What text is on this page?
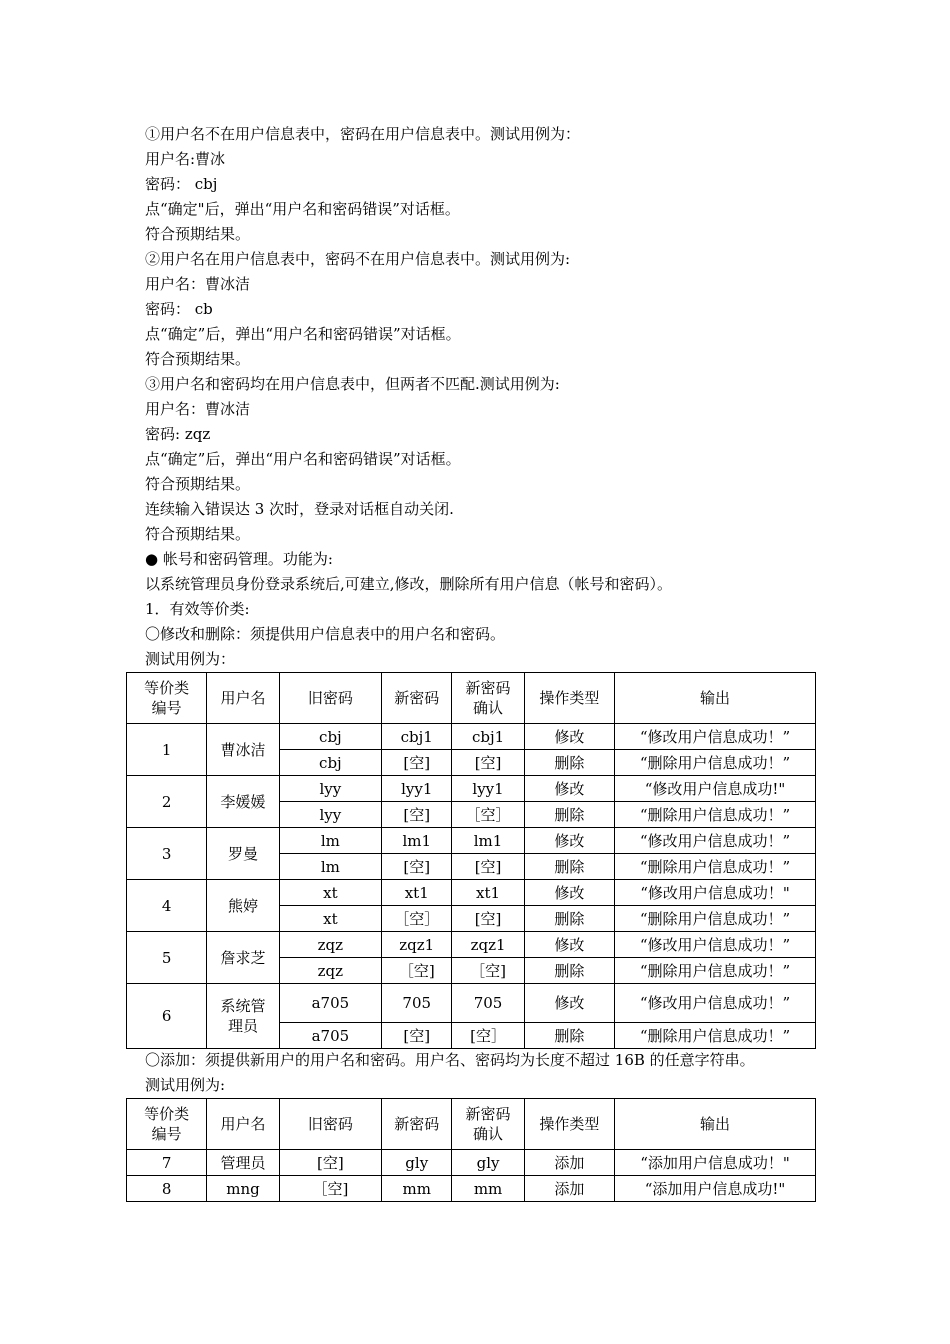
①用户名不在用户信息表中，密码在用户信息表中。测试用例为：
用户名:曹冰
密码： cbj
点“确定"后，弹出“用户名和密码错误”对话框。
符合预期结果。
②用户名在用户信息表中，密码不在用户信息表中。测试用例为:
用户名：曹冰洁
密码： cb
点“确定”后，弹出“用户名和密码错误”对话框。
符合预期结果。
③用户名和密码均在用户信息表中，但两者不匹配.测试用例为:
用户名：曹冰洁
密码: zqz
点“确定”后，弹出“用户名和密码错误”对话框。
符合预期结果。
连续输入错误达 3 次时，登录对话框自动关闭.
符合预期结果。
● 帐号和密码管理。功能为:
以系统管理员身份登录系统后,可建立,修改，删除所有用户信息（帐号和密码）。
1．有效等价类:
〇修改和删除：须提供用户信息表中的用户名和密码。
测试用例为：
等价类编号	用户名	旧密码	新密码	新密码确认	操作类型	输出
1	曹冰洁	cbj	cbj1	cbj1	修改	“修改用户信息成功！”
		cbj	[空]	[空]	删除	“删除用户信息成功！”
2	李媛媛	lyy	lyy1	lyy1	修改	“修改用户信息成功!"
		lyy	[空]	［空］	删除	“删除用户信息成功！”
3	罗曼	lm	lm1	lm1	修改	“修改用户信息成功！”
		lm	[空]	[空]	删除	“删除用户信息成功！”
4	熊婷	xt	xt1	xt1	修改	“修改用户信息成功！"
		xt	［空］	[空]	删除	“删除用户信息成功！”
5	詹求芝	zqz	zqz1	zqz1	修改	“修改用户信息成功！”
		zqz	［空]	［空]	删除	“删除用户信息成功！”
6	系统管理员	a705	705	705	修改	“修改用户信息成功！”
		a705	[空]	[空］	删除	“删除用户信息成功！”
〇添加：须提供新用户的用户名和密码。用户名、密码均为长度不超过 16B 的任意字符串。
测试用例为:
等价类编号	用户名	旧密码	新密码	新密码确认	操作类型	输出
7	管理员	[空]	gly	gly	添加	“添加用户信息成功！"
8	mng	［空]	mm	mm	添加	“添加用户信息成功!"
